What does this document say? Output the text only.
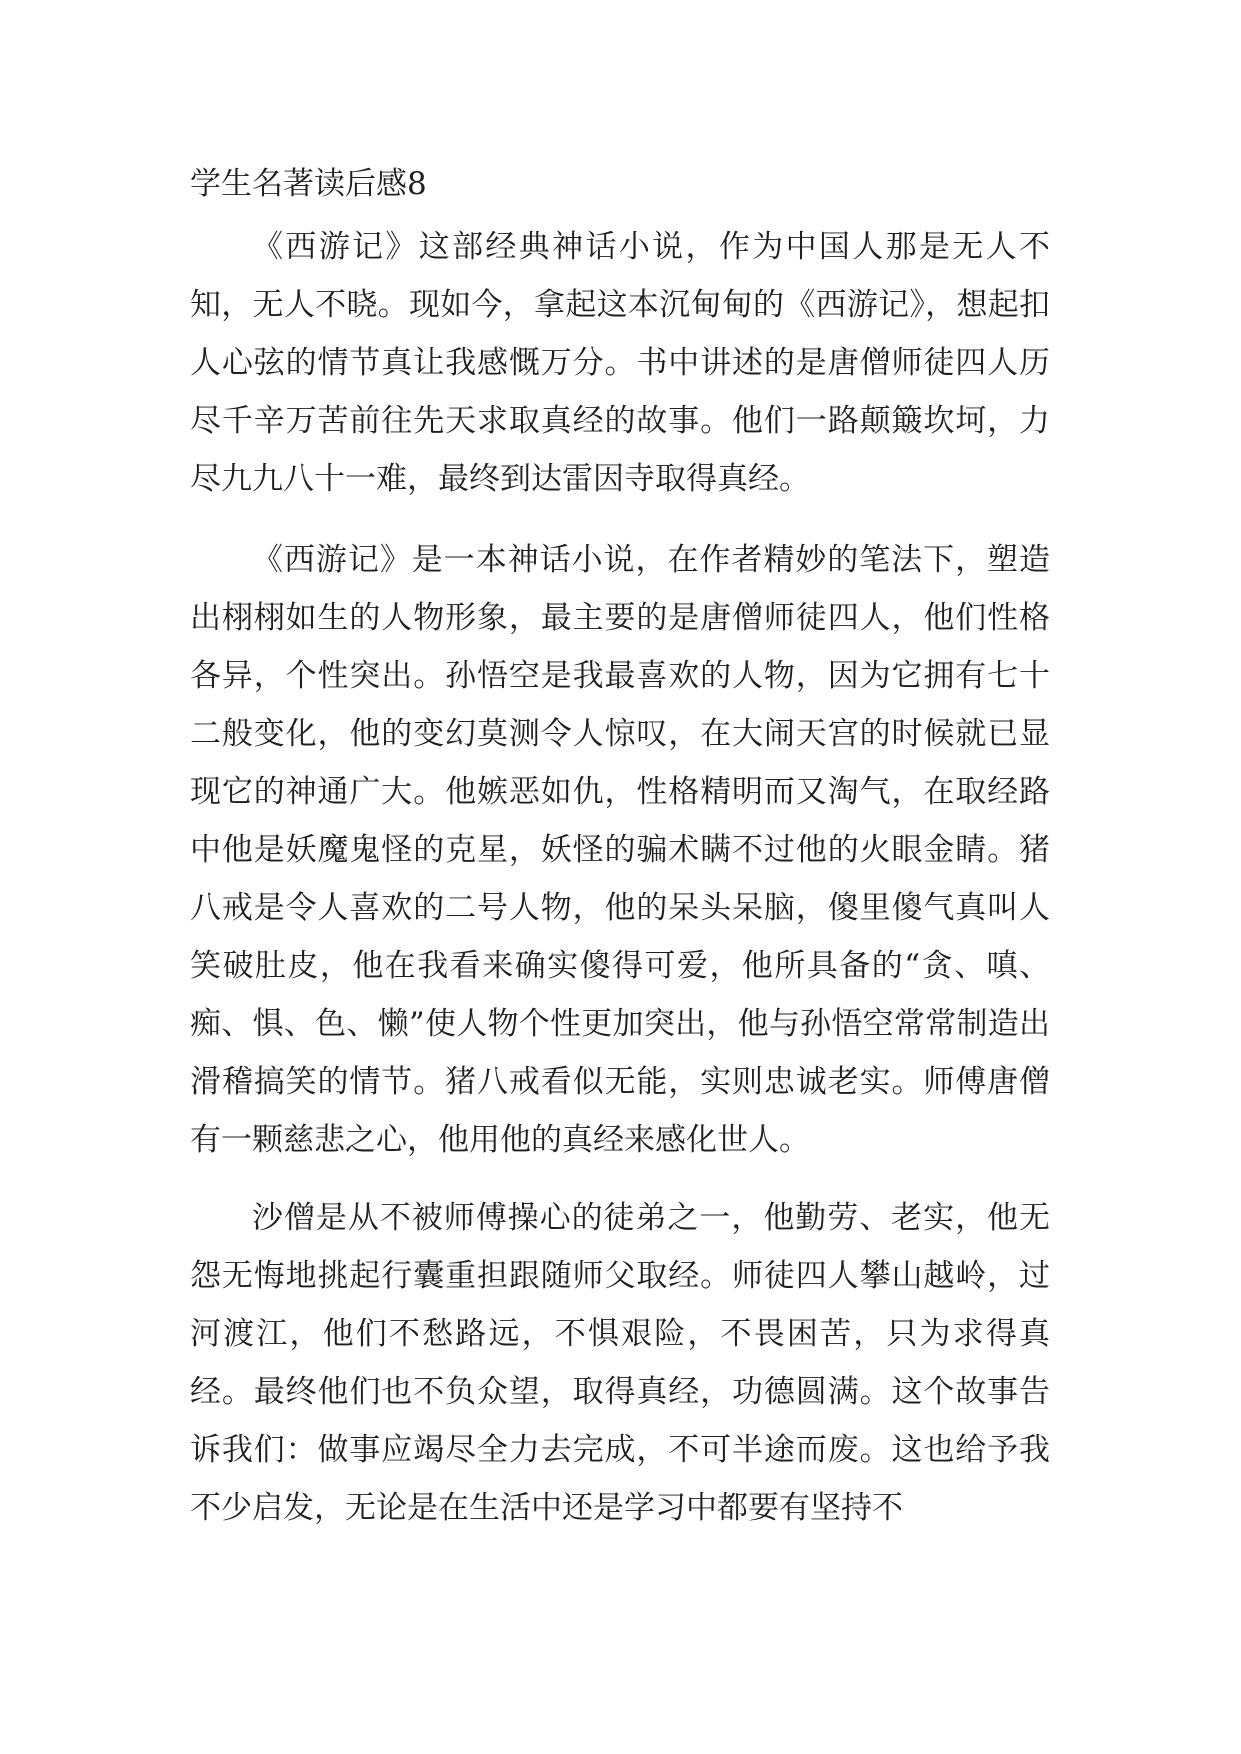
学生名著读后感8

《西游记》这部经典神话小说，作为中国人那是无人不知，无人不晓。现如今，拿起这本沉甸甸的《西游记》，想起扣人心弦的情节真让我感慨万分。书中讲述的是唐僧师徒四人历尽千辛万苦前往先天求取真经的故事。他们一路颠簸坎坷，力尽九九八十一难，最终到达雷因寺取得真经。

《西游记》是一本神话小说，在作者精妙的笔法下，塑造出栩栩如生的人物形象，最主要的是唐僧师徒四人，他们性格各异，个性突出。孙悟空是我最喜欢的人物，因为它拥有七十二般变化，他的变幻莫测令人惊叹，在大闹天宫的时候就已显现它的神通广大。他嫉恶如仇，性格精明而又淘气，在取经路中他是妖魔鬼怪的克星，妖怪的骗术瞒不过他的火眼金睛。猪八戒是令人喜欢的二号人物，他的呆头呆脑，傻里傻气真叫人笑破肚皮，他在我看来确实傻得可爱，他所具备的“贪、嗔、痴、惧、色、懒”使人物个性更加突出，他与孙悟空常常制造出滑稽搞笑的情节。猪八戒看似无能，实则忠诚老实。师傅唐僧有一颗慈悲之心，他用他的真经来感化世人。

沙僧是从不被师傅操心的徒弟之一，他勤劳、老实，他无怨无悔地挑起行囊重担跟随师父取经。师徒四人攀山越岭，过河渡江，他们不愁路远，不惧艰险，不畏困苦，只为求得真经。最终他们也不负众望，取得真经，功德圆满。这个故事告诉我们：做事应竭尽全力去完成，不可半途而废。这也给予我不少启发，无论是在生活中还是学习中都要有坚持不
